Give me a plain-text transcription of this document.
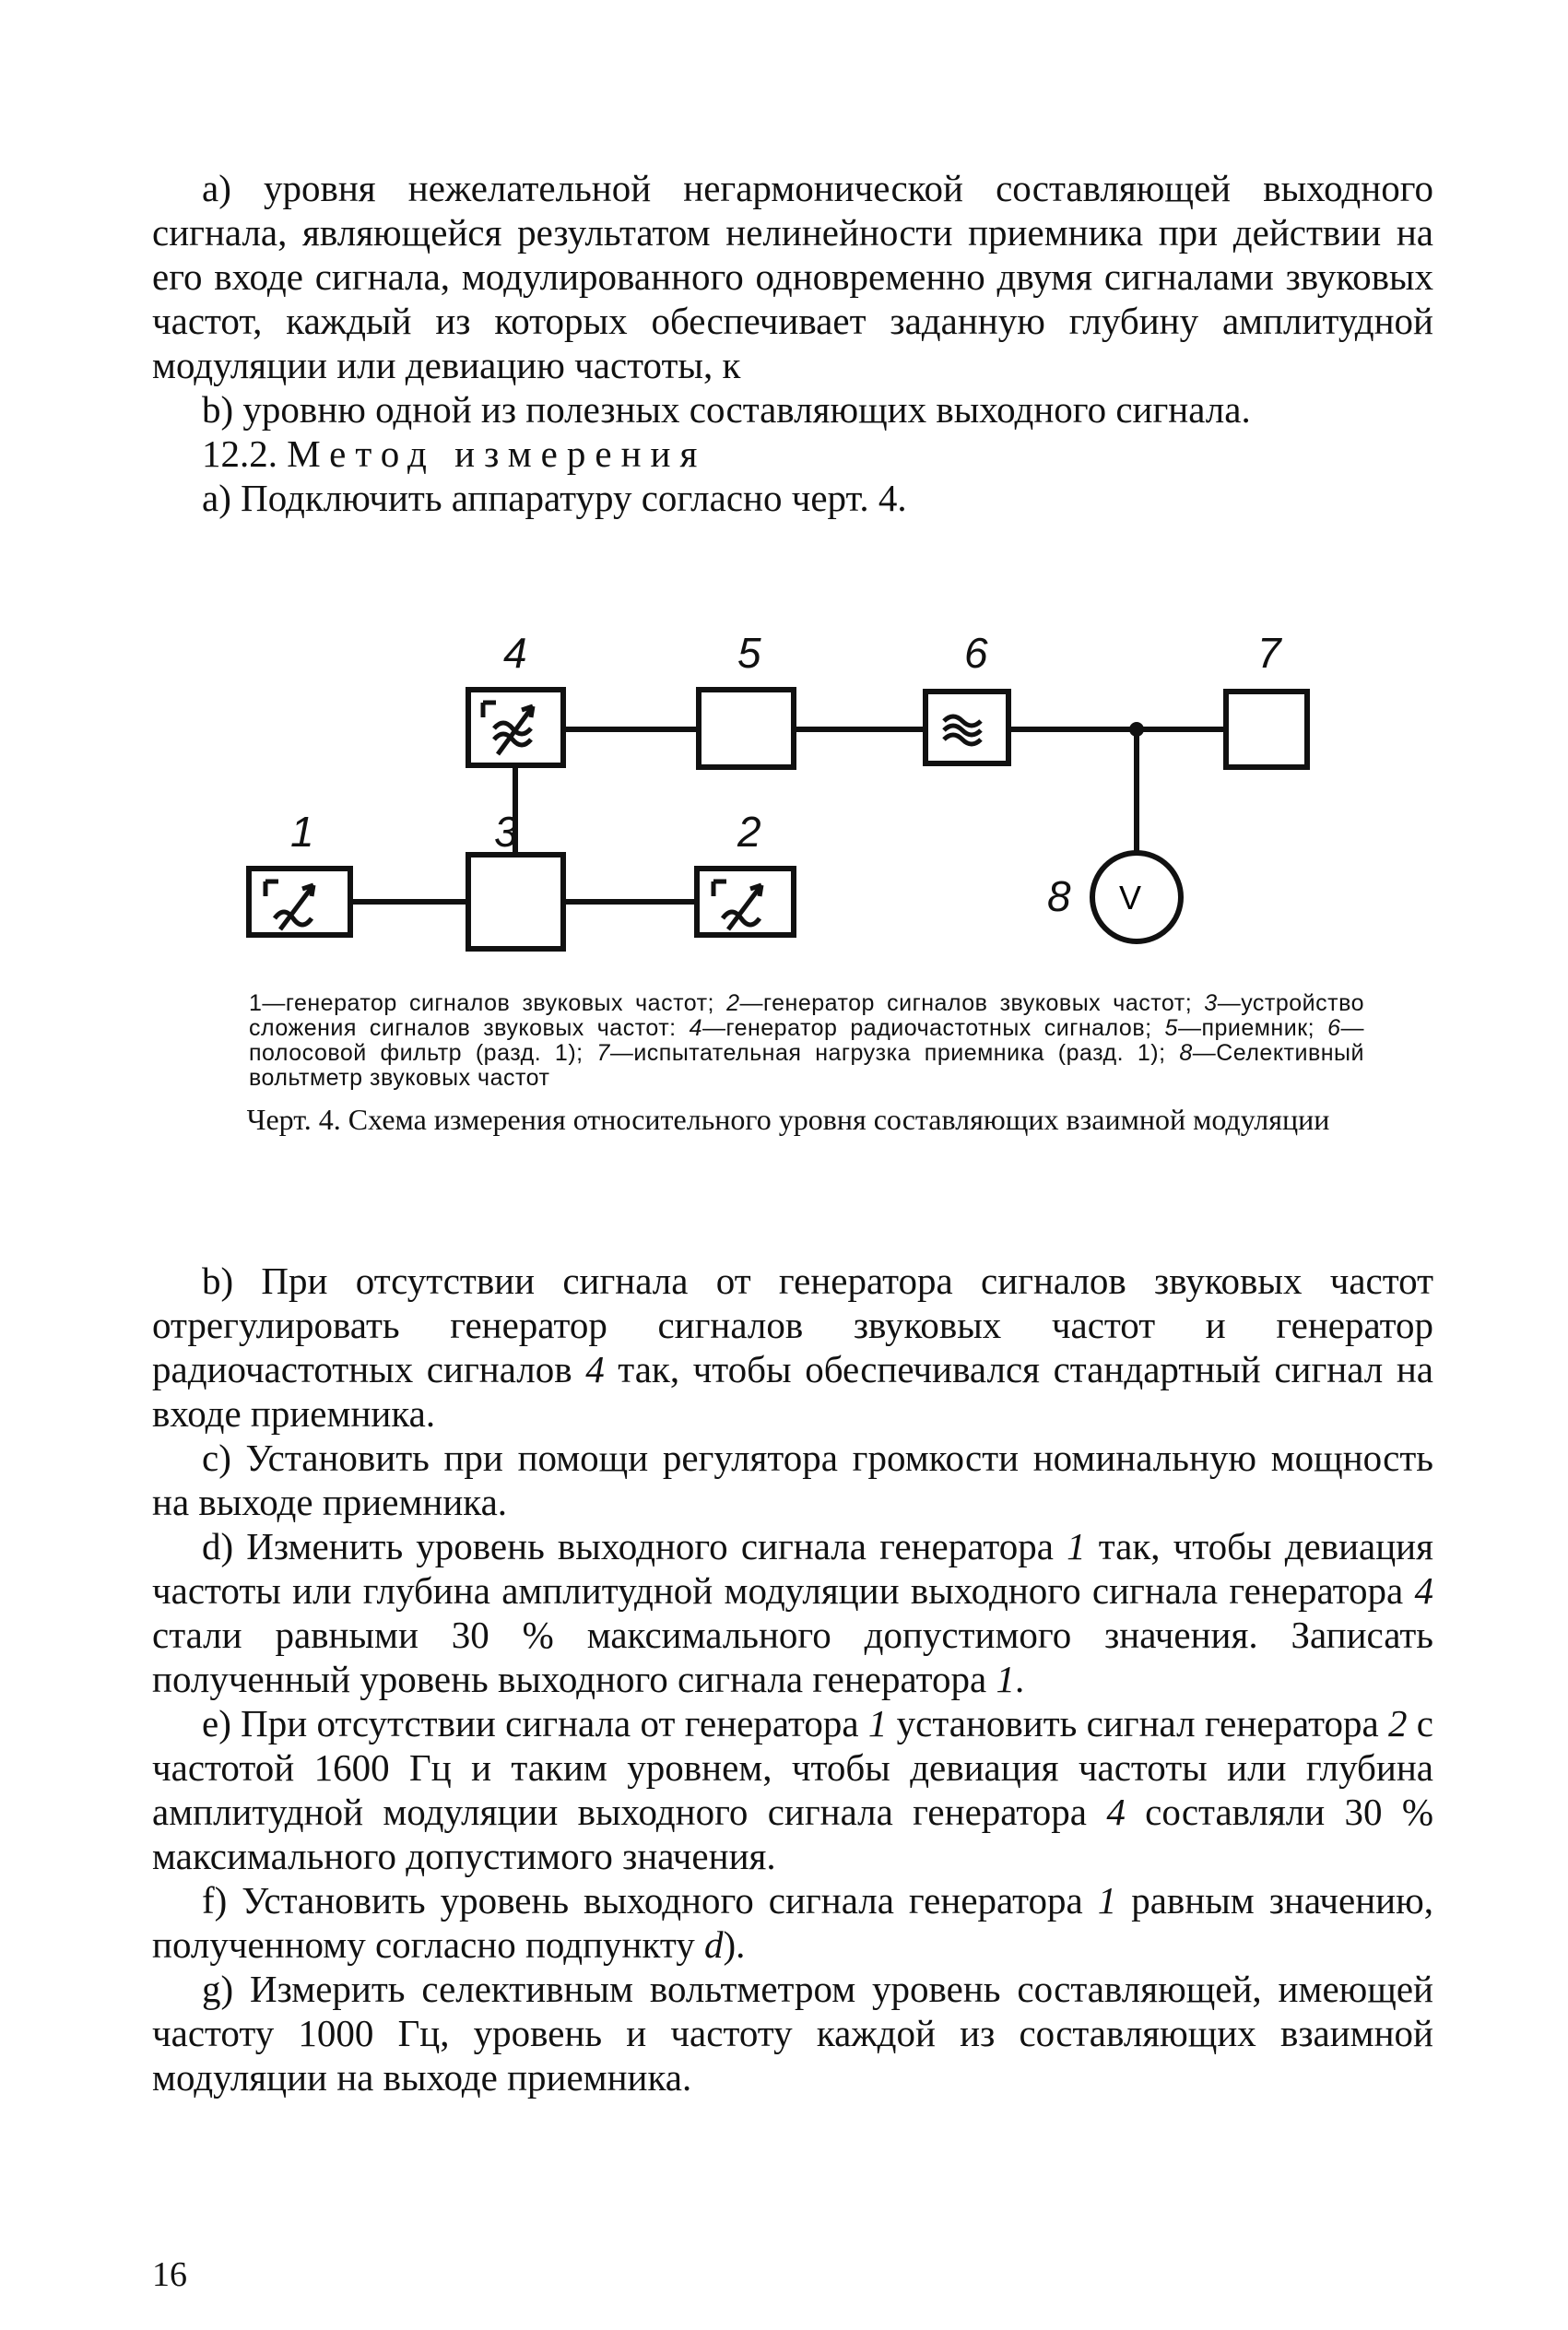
a) уровня нежелательной негармонической составляющей выходного сигнала, являющейся результатом нелинейности приемника при действии на его входе сигнала, модулированного одновременно двумя сигналами звуковых частот, каждый из которых обеспечивает заданную глубину амплитудной модуляции или девиацию частоты, к

b) уровню одной из полезных составляющих выходного сигнала.

12.2. Метод измерения

a) Подключить аппаратуру согласно черт. 4.

V
1	2
3
4	5	6	7
8
1—генератор сигналов звуковых частот; 2—генератор сигналов звуковых частот; 3—устройство сложения сигналов звуковых частот: 4—генератор радиочастотных сигналов; 5—приемник; 6—полосовой фильтр (разд. 1); 7—испытательная нагрузка приемника (разд. 1); 8—Селективный вольтметр звуковых частот
Черт. 4. Схема измерения относительного уровня составляющих взаимной модуляции

b) При отсутствии сигнала от генератора сигналов звуковых частот отрегулировать генератор сигналов звуковых частот и генератор радиочастотных сигналов 4 так, чтобы обеспечивался стандартный сигнал на входе приемника.

c) Установить при помощи регулятора громкости номинальную мощность на выходе приемника.

d) Изменить уровень выходного сигнала генератора 1 так, чтобы девиация частоты или глубина амплитудной модуляции выходного сигнала генератора 4 стали равными 30 % максимального допустимого значения. Записать полученный уровень выходного сигнала генератора 1.

e) При отсутствии сигнала от генератора 1 установить сигнал генератора 2 с частотой 1600 Гц и таким уровнем, чтобы девиация частоты или глубина амплитудной модуляции выходного сигнала генератора 4 составляли 30 % максимального допустимого значения.

f) Установить уровень выходного сигнала генератора 1 равным значению, полученному согласно подпункту d).

g) Измерить селективным вольтметром уровень составляющей, имеющей частоту 1000 Гц, уровень и частоту каждой из составляющих взаимной модуляции на выходе приемника.

16
